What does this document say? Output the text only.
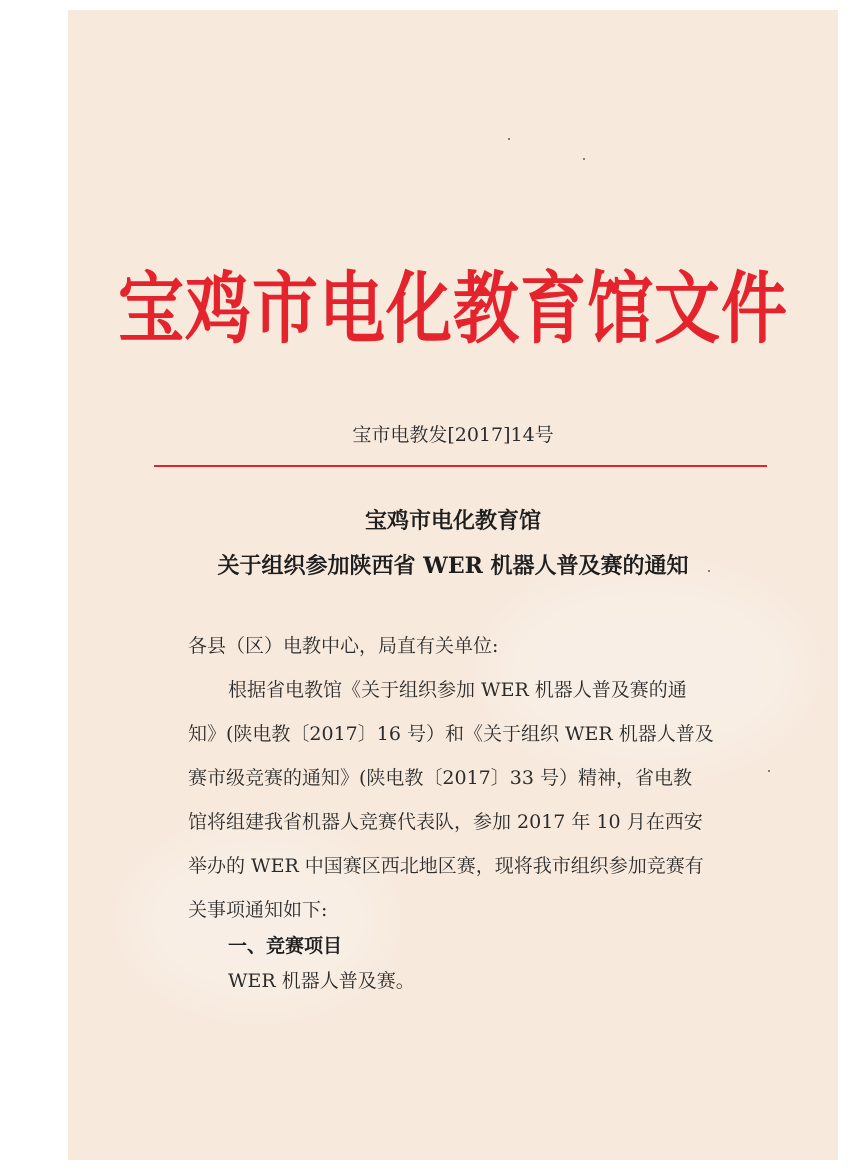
宝鸡市电化教育馆文件
宝市电教发[2017]14号
宝鸡市电化教育馆
关于组织参加陕西省 WER 机器人普及赛的通知
各县（区）电教中心，局直有关单位:
根据省电教馆《关于组织参加 WER 机器人普及赛的通
知》(陕电教〔2017〕16 号）和《关于组织 WER 机器人普及
赛市级竞赛的通知》(陕电教〔2017〕33 号）精神，省电教
馆将组建我省机器人竞赛代表队，参加 2017 年 10 月在西安
举办的 WER 中国赛区西北地区赛，现将我市组织参加竞赛有
关事项通知如下:
一、竞赛项目
WER 机器人普及赛。
